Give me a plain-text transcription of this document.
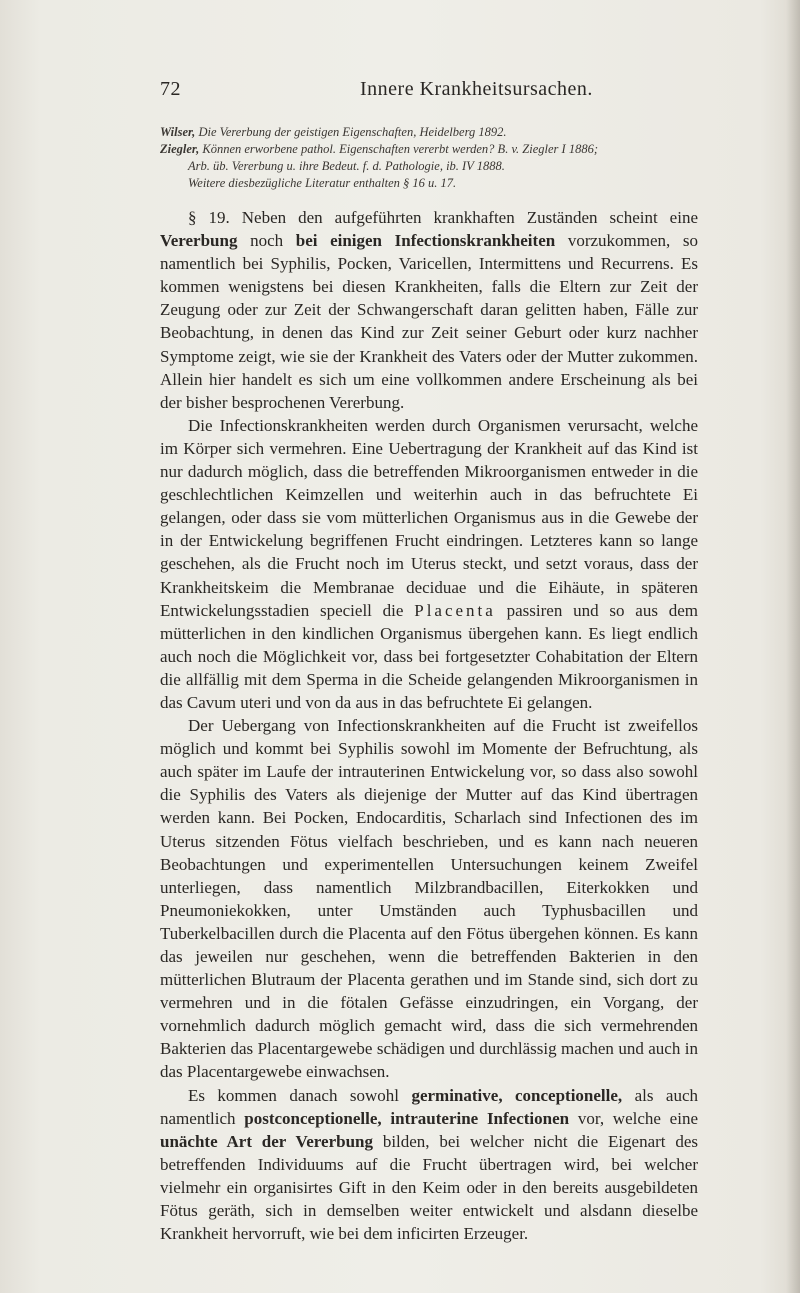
72	Innere Krankheitsursachen.

Wilser, Die Vererbung der geistigen Eigenschaften, Heidelberg 1892.

Ziegler, Können erworbene pathol. Eigenschaften vererbt werden? B. v. Ziegler I 1886;

Arb. üb. Vererbung u. ihre Bedeut. f. d. Pathologie, ib. IV 1888.

Weitere diesbezügliche Literatur enthalten § 16 u. 17.

§ 19. Neben den aufgeführten krankhaften Zuständen scheint eine Vererbung noch bei einigen Infectionskrankheiten vorzukommen, so namentlich bei Syphilis, Pocken, Varicellen, Intermittens und Recurrens. Es kommen wenigstens bei diesen Krankheiten, falls die Eltern zur Zeit der Zeugung oder zur Zeit der Schwangerschaft daran gelitten haben, Fälle zur Beobachtung, in denen das Kind zur Zeit seiner Geburt oder kurz nachher Symptome zeigt, wie sie der Krankheit des Vaters oder der Mutter zukommen. Allein hier handelt es sich um eine vollkommen andere Erscheinung als bei der bisher besprochenen Vererbung.

Die Infectionskrankheiten werden durch Organismen verursacht, welche im Körper sich vermehren. Eine Uebertragung der Krankheit auf das Kind ist nur dadurch möglich, dass die betreffenden Mikroorganismen entweder in die geschlechtlichen Keimzellen und weiterhin auch in das befruchtete Ei gelangen, oder dass sie vom mütterlichen Organismus aus in die Gewebe der in der Entwickelung begriffenen Frucht eindringen. Letzteres kann so lange geschehen, als die Frucht noch im Uterus steckt, und setzt voraus, dass der Krankheitskeim die Membranae deciduae und die Eihäute, in späteren Entwickelungsstadien speciell die Placenta passiren und so aus dem mütterlichen in den kindlichen Organismus übergehen kann. Es liegt endlich auch noch die Möglichkeit vor, dass bei fortgesetzter Cohabitation der Eltern die allfällig mit dem Sperma in die Scheide gelangenden Mikroorganismen in das Cavum uteri und von da aus in das befruchtete Ei gelangen.

Der Uebergang von Infectionskrankheiten auf die Frucht ist zweifellos möglich und kommt bei Syphilis sowohl im Momente der Befruchtung, als auch später im Laufe der intrauterinen Entwickelung vor, so dass also sowohl die Syphilis des Vaters als diejenige der Mutter auf das Kind übertragen werden kann. Bei Pocken, Endocarditis, Scharlach sind Infectionen des im Uterus sitzenden Fötus vielfach beschrieben, und es kann nach neueren Beobachtungen und experimentellen Untersuchungen keinem Zweifel unterliegen, dass namentlich Milzbrandbacillen, Eiterkokken und Pneumoniekokken, unter Umständen auch Typhusbacillen und Tuberkelbacillen durch die Placenta auf den Fötus übergehen können. Es kann das jeweilen nur geschehen, wenn die betreffenden Bakterien in den mütterlichen Blutraum der Placenta gerathen und im Stande sind, sich dort zu vermehren und in die fötalen Gefässe einzudringen, ein Vorgang, der vornehmlich dadurch möglich gemacht wird, dass die sich vermehrenden Bakterien das Placentargewebe schädigen und durchlässig machen und auch in das Placentargewebe einwachsen.

Es kommen danach sowohl germinative, conceptionelle, als auch namentlich postconceptionelle, intrauterine Infectionen vor, welche eine unächte Art der Vererbung bilden, bei welcher nicht die Eigenart des betreffenden Individuums auf die Frucht übertragen wird, bei welcher vielmehr ein organisirtes Gift in den Keim oder in den bereits ausgebildeten Fötus geräth, sich in demselben weiter entwickelt und alsdann dieselbe Krankheit hervorruft, wie bei dem inficirten Erzeuger.
